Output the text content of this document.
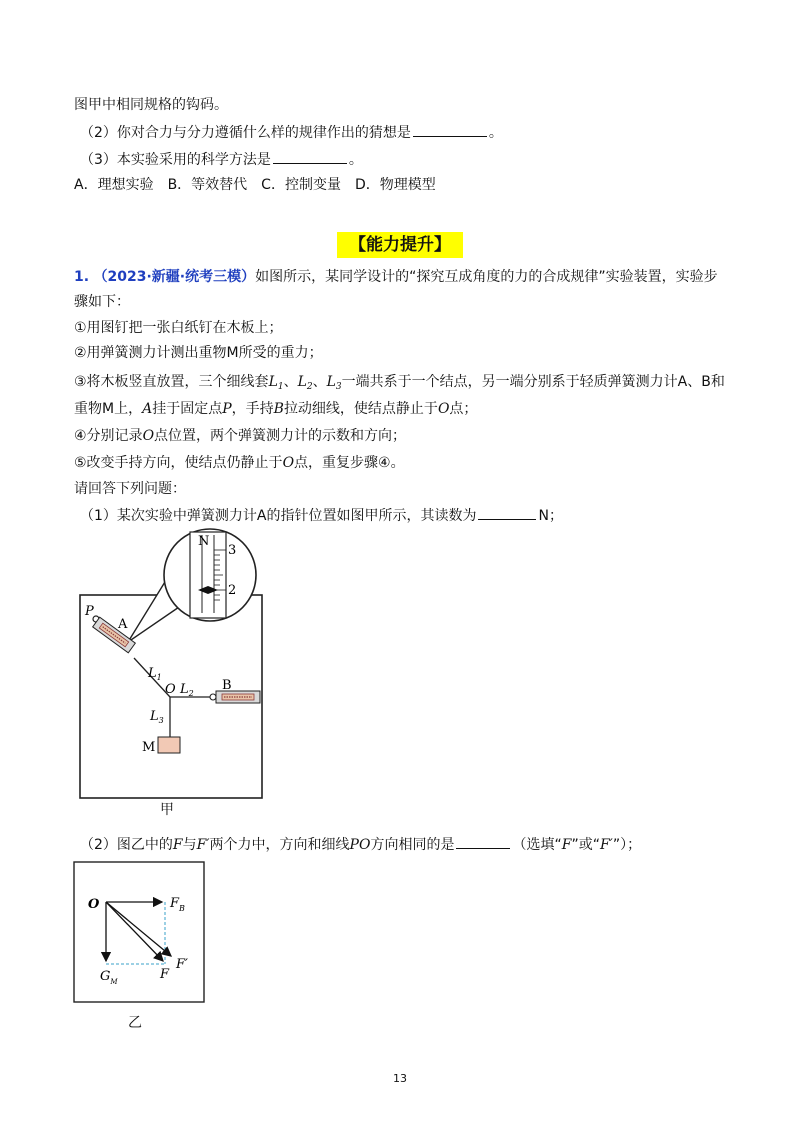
图甲中相同规格的钩码。
（2）你对合力与分力遵循什么样的规律作出的猜想是	。
（3）本实验采用的科学方法是	。
A．理想实验　B．等效替代　C．控制变量　D．物理模型
【能力提升】
1. （2023·新疆·统考三模）如图所示，某同学设计的“探究互成角度的力的合成规律”实验装置，实验步
骤如下：
①用图钉把一张白纸钉在木板上；
②用弹簧测力计测出重物M所受的重力；
③将木板竖直放置，三个细线套$L_1$、$L_2$、$L_3$一端共系于一个结点，另一端分别系于轻质弹簧测力计A、B和
重物M上，A挂于固定点P，手持B拉动细线，使结点静止于O点；
④分别记录O点位置，两个弹簧测力计的示数和方向；
⑤改变手持方向，使结点仍静止于O点，重复步骤④。
请回答下列问题：
（1）某次实验中弹簧测力计A的指针位置如图甲所示，其读数为	N；
N
3
2
P
A
$L_1$
O $L_2$
B
$L_3$
M
甲
（2）图乙中的F与F′两个力中，方向和细线PO方向相同的是	（选填“F”或“F′”）；
O	$F_B$
$G_M$	F
F′
乙
13
